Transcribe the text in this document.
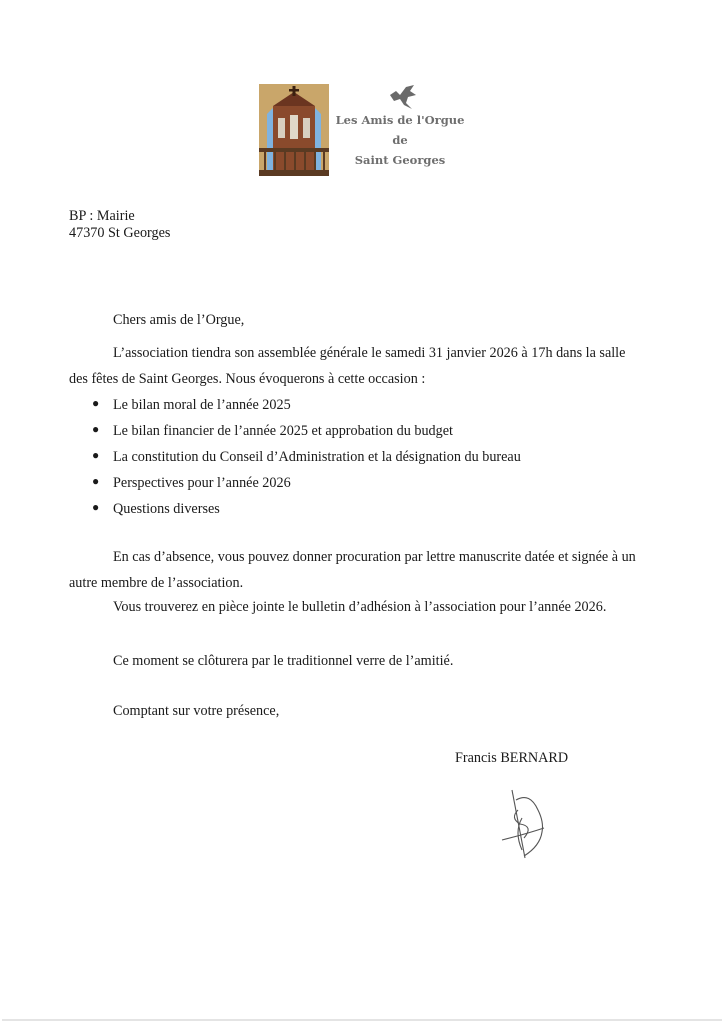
Les Amis de l'Orgue
de
Saint Georges
BP : Mairie
47370 St Georges
Chers amis de l’Orgue,
L’association tiendra son assemblée générale le samedi 31 janvier 2026 à 17h dans la salle
des fêtes de Saint Georges. Nous évoquerons à cette occasion :
● Le bilan moral de l’année 2025
● Le bilan financier de l’année 2025 et approbation du budget
● La constitution du Conseil d’Administration et la désignation du bureau
● Perspectives pour l’année 2026
● Questions diverses
En cas d’absence, vous pouvez donner procuration par lettre manuscrite datée et signée à un
autre membre de l’association.
Vous trouverez en pièce jointe le bulletin d’adhésion à l’association pour l’année 2026.
Ce moment se clôturera par le traditionnel verre de l’amitié.
Comptant sur votre présence,
Francis BERNARD
